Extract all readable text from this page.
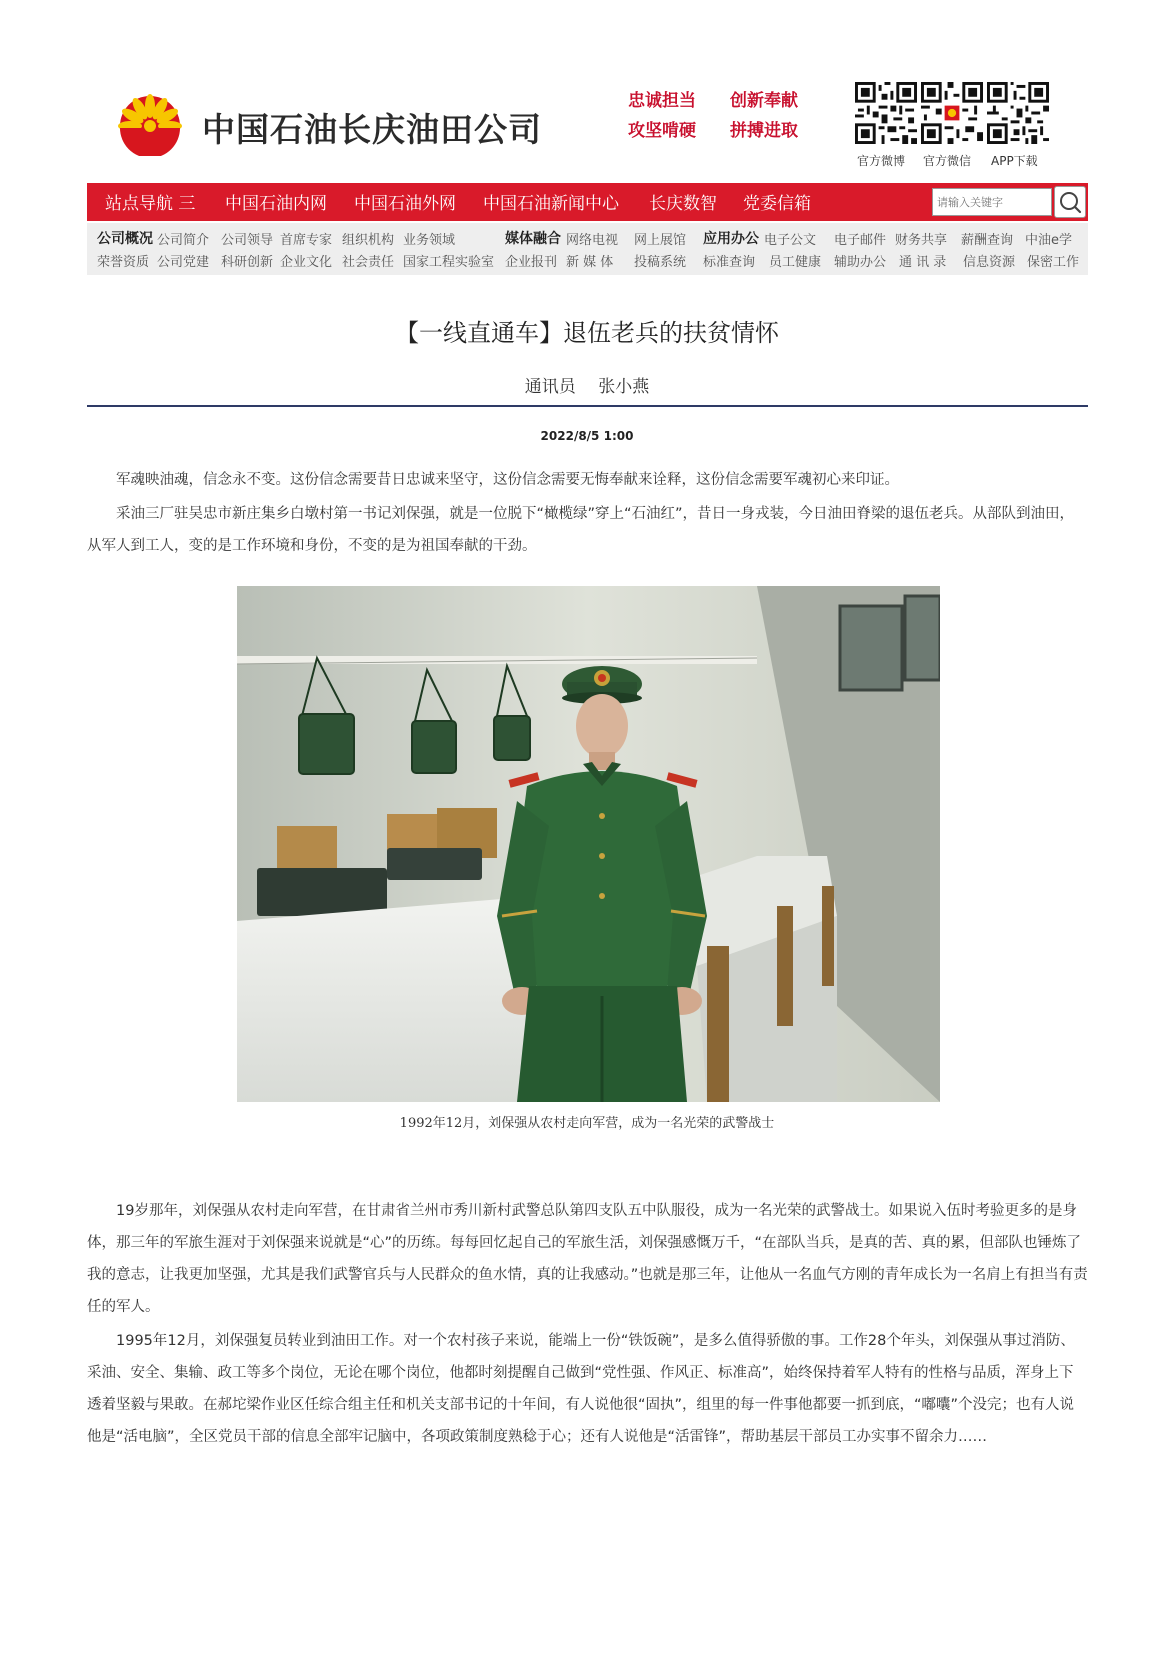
中国石油长庆油田公司
忠诚担当 创新奉献
攻坚啃硬 拼搏进取
官方微博 官方微信 APP下载
站点导航 三 中国石油内网 中国石油外网 中国石油新闻中心 长庆数智 党委信箱
请输入关键字
公司概况 公司简介 公司领导 首席专家 组织机构 业务领域	媒体融合 网络电视 网上展馆 应用办公 电子公文 电子邮件 财务共享 薪酬查询 中油e学
荣誉资质 公司党建 科研创新 企业文化 社会责任 国家工程实验室 企业报刊 新 媒 体 投稿系统 标准查询 员工健康 辅助办公 通 讯 录 信息资源 保密工作
【一线直通车】退伍老兵的扶贫情怀
通讯员　 张小燕
2022/8/5 1:00

军魂映油魂，信念永不变。这份信念需要昔日忠诚来坚守，这份信念需要无悔奉献来诠释，这份信念需要军魂初心来印证。

采油三厂驻吴忠市新庄集乡白墩村第一书记刘保强，就是一位脱下“橄榄绿”穿上“石油红”，昔日一身戎装，今日油田脊梁的退伍老兵。从部队到油田，从军人到工人，变的是工作环境和身份，不变的是为祖国奉献的干劲。

1992年12月，刘保强从农村走向军营，成为一名光荣的武警战士

19岁那年，刘保强从农村走向军营，在甘肃省兰州市秀川新村武警总队第四支队五中队服役，成为一名光荣的武警战士。如果说入伍时考验更多的是身体，那三年的军旅生涯对于刘保强来说就是“心”的历练。每每回忆起自己的军旅生活，刘保强感慨万千，“在部队当兵，是真的苦、真的累，但部队也锤炼了我的意志，让我更加坚强，尤其是我们武警官兵与人民群众的鱼水情，真的让我感动。”也就是那三年，让他从一名血气方刚的青年成长为一名肩上有担当有责任的军人。

1995年12月，刘保强复员转业到油田工作。对一个农村孩子来说，能端上一份“铁饭碗”，是多么值得骄傲的事。工作28个年头，刘保强从事过消防、采油、安全、集输、政工等多个岗位，无论在哪个岗位，他都时刻提醒自己做到“党性强、作风正、标准高”，始终保持着军人特有的性格与品质，浑身上下透着坚毅与果敢。在郝坨梁作业区任综合组主任和机关支部书记的十年间，有人说他很“固执”，组里的每一件事他都要一抓到底，“嘟囔”个没完；也有人说他是“活电脑”，全区党员干部的信息全部牢记脑中，各项政策制度熟稔于心；还有人说他是“活雷锋”，帮助基层干部员工办实事不留余力……
